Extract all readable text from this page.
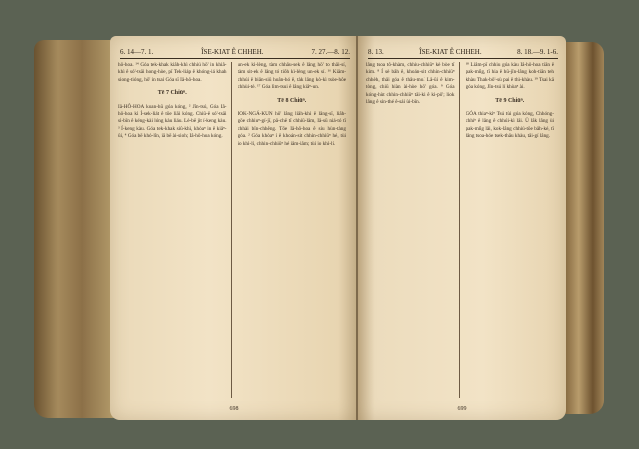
6. 14—7. 1.	ÎSE-KIAT Ê CHHEH.	7. 27.—8. 12.
hô-hoa. ¹⁴ Góa tek-khak kiâh-khì chhiú hō' in khiâ-khì ê só'-tsāi hong-hòe, pī Tek-liáp ê khóng-iá khah siong-tióng, hō' in tsai Góa sī Iâ-hô-hoa.
Tē 7 Chiūⁿ.
Iâ-HÔ-HOA koan-hū góa kóng, ² Jîn-tsú, Góa Iâ-hô-hoa kì Í-sek-liát ê tōe liāi kóng. Chiū-ê só'-tsāi sì-bīn ê kéng-kài lóng kàu liáu. Lè-bē jit í-keng kàu. ³ Í-keng kàu. Góa tek-khak siû-khì, khòaⁿ in ê kiâⁿ-ûi, ⁴ Góa bē khó-lîn, iā bē ài-sioh; Iâ-hô-hoa kóng.
un-ek kì-lèng, tàm chhâu-sek ê lâng hō' to thâi-sí, tàm sit-ek ê lâng tó tiôh kì-lèng un-ek sí. ¹⁶ Kiâm-chhúi ê biân-siū hoân-hó ê, tàk lâng kò-kì tsòe-hôe chhùi-tè. ¹⁷ Góa lìm-tsui ê lâng kiâⁿ-un.
Tē 8 Chiūⁿ.
IOK-NGÁ-KUN hō' lâng liâh-khì ê lâng-sī, liâh-gōe chhiuⁿ-gí-jī, pâ-chē tī chhiū-lâm, Iâ-sū niá-tó tī chhài bîn-chhêng. Tōe Iâ-hô-hoa ê siu hùn-tàng góa. ² Góa khòaⁿ í ê khoán-sit chhin-chhiūⁿ hé, tùi io khì-lí, chhin-chhiūⁿ hé iâm-iâm; tùi io khì-lí.
698
8. 13.	ÎSE-KIAT Ê CHHEH.	8. 18.—9. 1-6.
lâng tsoa tô-khàm, chhiu-chhiūⁿ kè bòe tī kim. ⁸ Í sè bâh ê, khoán-sit chhin-chhiūⁿ chhèh, thâi góa ê thâu-mo͘. Lâ-ūi ê kim-tòng, chiū hiàn ài-hòe hō' góa. ⁹ Góa kóng-hùt chhin-chhiūⁿ tāi-ki ê ki-pô'; liok lâng ê sin-thé ê-sái ùi-bīn.
¹⁸ Liâm-pī chhiu góa kàu Iâ-hô-hoa tiān ê pak-mn̂g, tī hia ê hū-jîn-lâng koh-tiān teh khàu Thak-bô'-sù pai ê thì-khàu. ¹⁹ Tsai kā góa kóng, Jîn-tsú lí khòaⁿ ài.
Tē 9 Chiūⁿ.
GÓA thiaⁿ-kìⁿ Tsú tùi góa kóng, Chhóng-chhíⁿ ê lâng ê chhúi-kì lâi. Ū lâk lâng ùi pak-mn̂g lâi, kok-lâng chhiú-tōe bâh-ké, tī lâng tsoa-hóe tsek-thâu khàu, tâi-gí lâng.
699
